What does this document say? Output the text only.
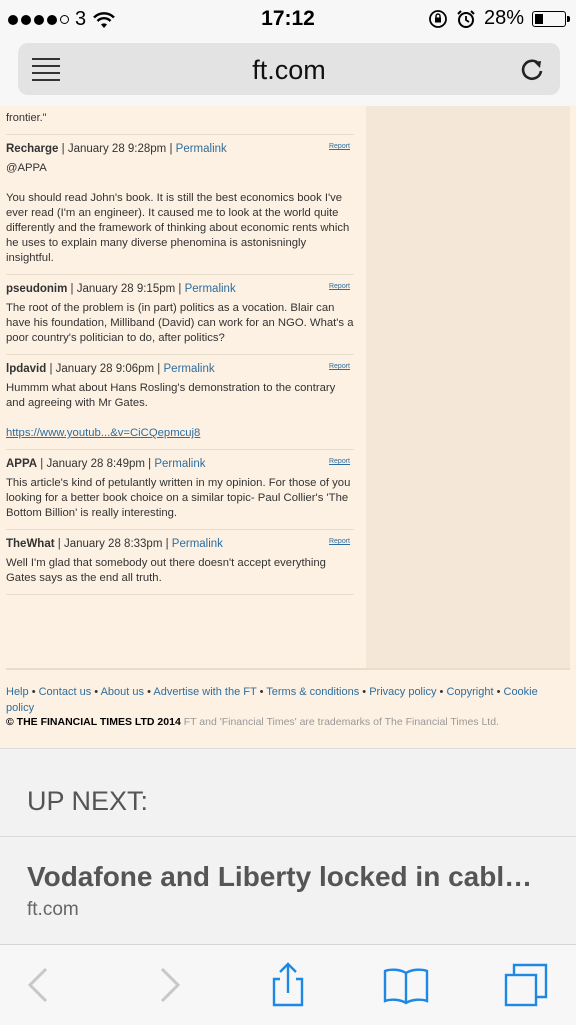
3	17:12	28%
ft.com
frontier."
Recharge | January 28 9:28pm | Permalink	Report
@APPA

You should read John's book. It is still the best economics book I've ever read (I'm an engineer). It caused me to look at the world quite differently and the framework of thinking about economic rents which he uses to explain many diverse phenomina is astonisningly insightful.
pseudonim | January 28 9:15pm | Permalink	Report
The root of the problem is (in part) politics as a vocation. Blair can have his foundation, Milliband (David) can work for an NGO. What's a poor country's politician to do, after politics?
lpdavid | January 28 9:06pm | Permalink	Report
Hummm what about Hans Rosling's demonstration to the contrary and agreeing with Mr Gates.
https://www.youtub...&v=CiCQepmcuj8
APPA | January 28 8:49pm | Permalink	Report
This article's kind of petulantly written in my opinion. For those of you looking for a better book choice on a similar topic- Paul Collier's 'The Bottom Billion' is really interesting.
TheWhat | January 28 8:33pm | Permalink	Report
Well I'm glad that somebody out there doesn't accept everything Gates says as the end all truth.
Help • Contact us • About us • Advertise with the FT • Terms & conditions • Privacy policy • Copyright • Cookie policy
© THE FINANCIAL TIMES LTD 2014 FT and 'Financial Times' are trademarks of The Financial Times Ltd.
UP NEXT:
Vodafone and Liberty locked in cabl…
ft.com
